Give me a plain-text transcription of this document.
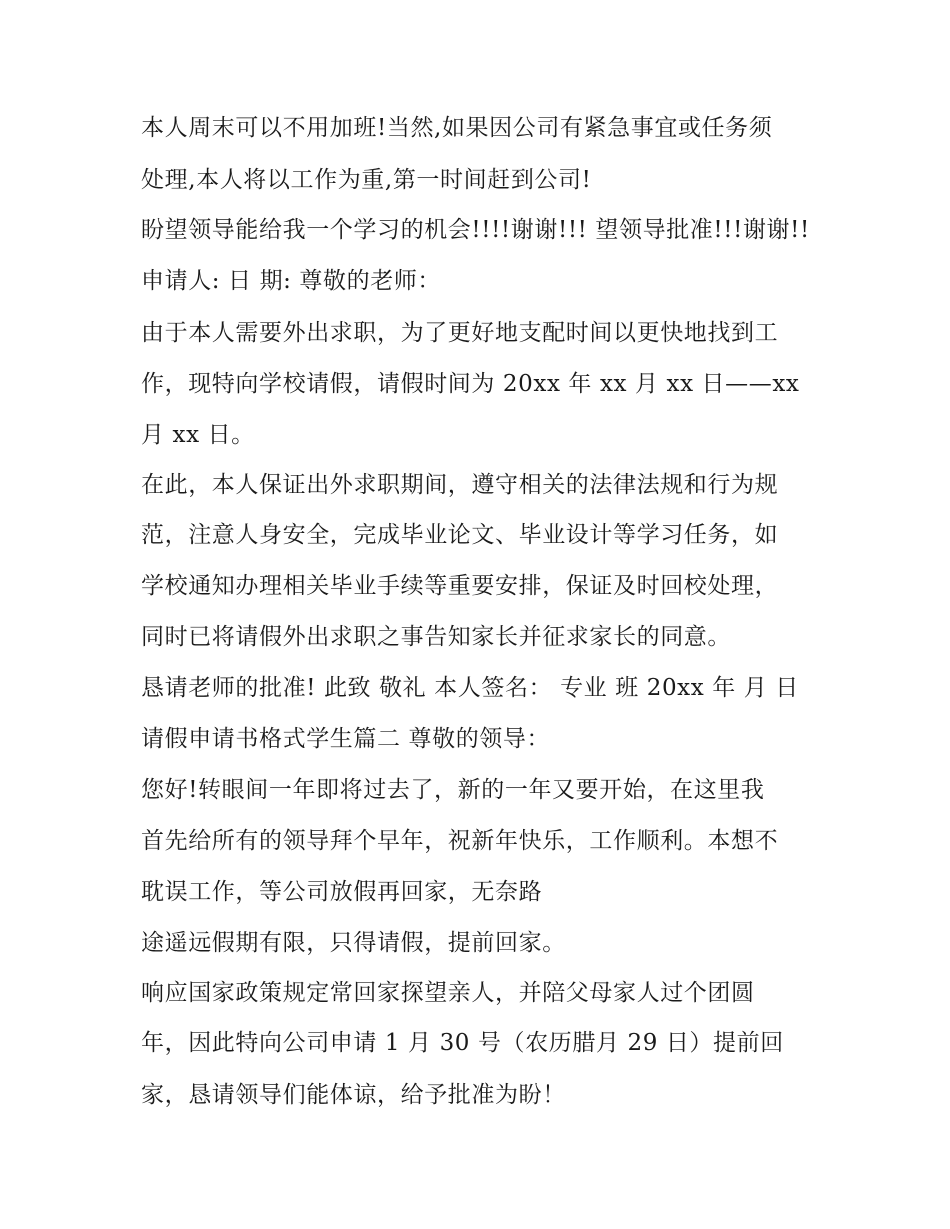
本人周末可以不用加班!当然,如果因公司有紧急事宜或任务须
处理,本人将以工作为重,第一时间赶到公司!
盼望领导能给我一个学习的机会!!!!谢谢!!! 望领导批准!!!谢谢!!
申请人: 日 期: 尊敬的老师：
由于本人需要外出求职，为了更好地支配时间以更快地找到工
作，现特向学校请假，请假时间为 20xx 年 xx 月 xx 日——xx
月 xx 日。
在此，本人保证出外求职期间，遵守相关的法律法规和行为规
范，注意人身安全，完成毕业论文、毕业设计等学习任务，如
学校通知办理相关毕业手续等重要安排，保证及时回校处理，
同时已将请假外出求职之事告知家长并征求家长的同意。
恳请老师的批准! 此致 敬礼 本人签名： 专业 班 20xx 年 月 日
请假申请书格式学生篇二 尊敬的领导：
您好!转眼间一年即将过去了，新的一年又要开始，在这里我
首先给所有的领导拜个早年，祝新年快乐，工作顺利。本想不
耽误工作，等公司放假再回家，无奈路
途遥远假期有限，只得请假，提前回家。
响应国家政策规定常回家探望亲人，并陪父母家人过个团圆
年，因此特向公司申请 1 月 30 号（农历腊月 29 日）提前回
家，恳请领导们能体谅，给予批准为盼！
